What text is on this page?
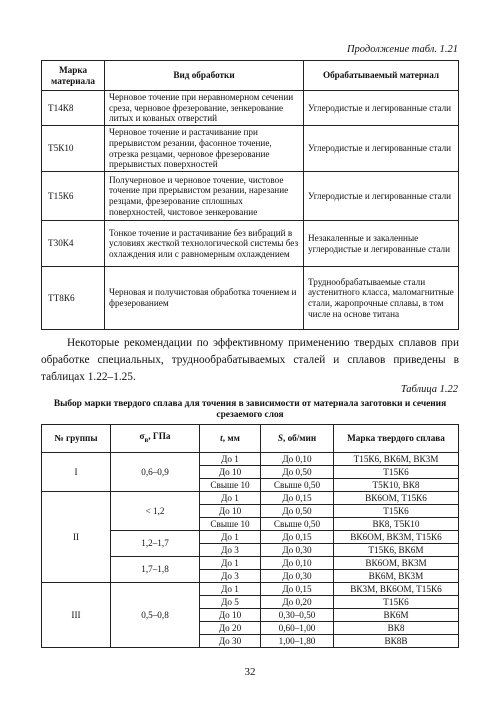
Продолжение табл. 1.21
Марка материала	Вид обработки	Обрабатываемый материал
Т14К8	Черновое точение при неравномерном сечении среза, черновое фрезерование, зенкерование литых и кованых отверстий	Углеродистые и легированные стали
Т5К10	Черновое точение и растачивание при прерывистом резании, фасонное точение, отрезка резцами, черновое фрезерование прерывистых поверхностей	Углеродистые и легированные стали
Т15К6	Получерновое и черновое точение, чистовое точение при прерывистом резании, нарезание резцами, фрезерование сплошных поверхностей, чистовое зенкерование	Углеродистые и легированные стали
Т30К4	Тонкое точение и растачивание без вибраций в условиях жесткой технологической системы без охлаждения или с равномерным охлаждением	Незакаленные и закаленные углеродистые и легированные стали
ТТ8К6	Черновая и получистовая обработка точением и фрезерованием	Труднообрабатываемые стали аустенитного класса, маломагнитные стали, жаропрочные сплавы, в том числе на основе титана

Некоторые рекомендации по эффективному применению твердых сплавов при обработке специальных, труднообрабатываемых сталей и сплавов приведены в таблицах 1.22–1.25.

Таблица 1.22
Выбор марки твердого сплава для точения в зависимости от материала заготовки и сечения срезаемого слоя
№ группы	$\sigma_в$, ГПа	t, мм	S, об/мин	Марка твердого сплава
I	0,6–0,9	До 1	До 0,10	Т15К6, ВК6М, ВК3М
		До 10	До 0,50	Т15К6
		Свыше 10	Свыше 0,50	Т5К10, ВК8
II	˂ 1,2	До 1	До 0,15	ВК6ОМ, Т15К6
		До 10	До 0,50	Т15К6
		Свыше 10	Свыше 0,50	ВК8, Т5К10
	1,2–1,7	До 1	До 0,15	ВК6ОМ, ВК3М, Т15К6
		До 3	До 0,30	Т15К6, ВК6М
	1,7–1,8	До 1	До 0,10	ВК6ОМ, ВК3М
		До 3	До 0,30	ВК6М, ВК3М
III	0,5–0,8	До 1	До 0,15	ВК3М, ВК6ОМ, Т15К6
		До 5	До 0,20	Т15К6
		До 10	0,30–0,50	ВК6М
		До 20	0,60–1,00	ВК8
		До 30	1,00–1,80	ВК8В
32
